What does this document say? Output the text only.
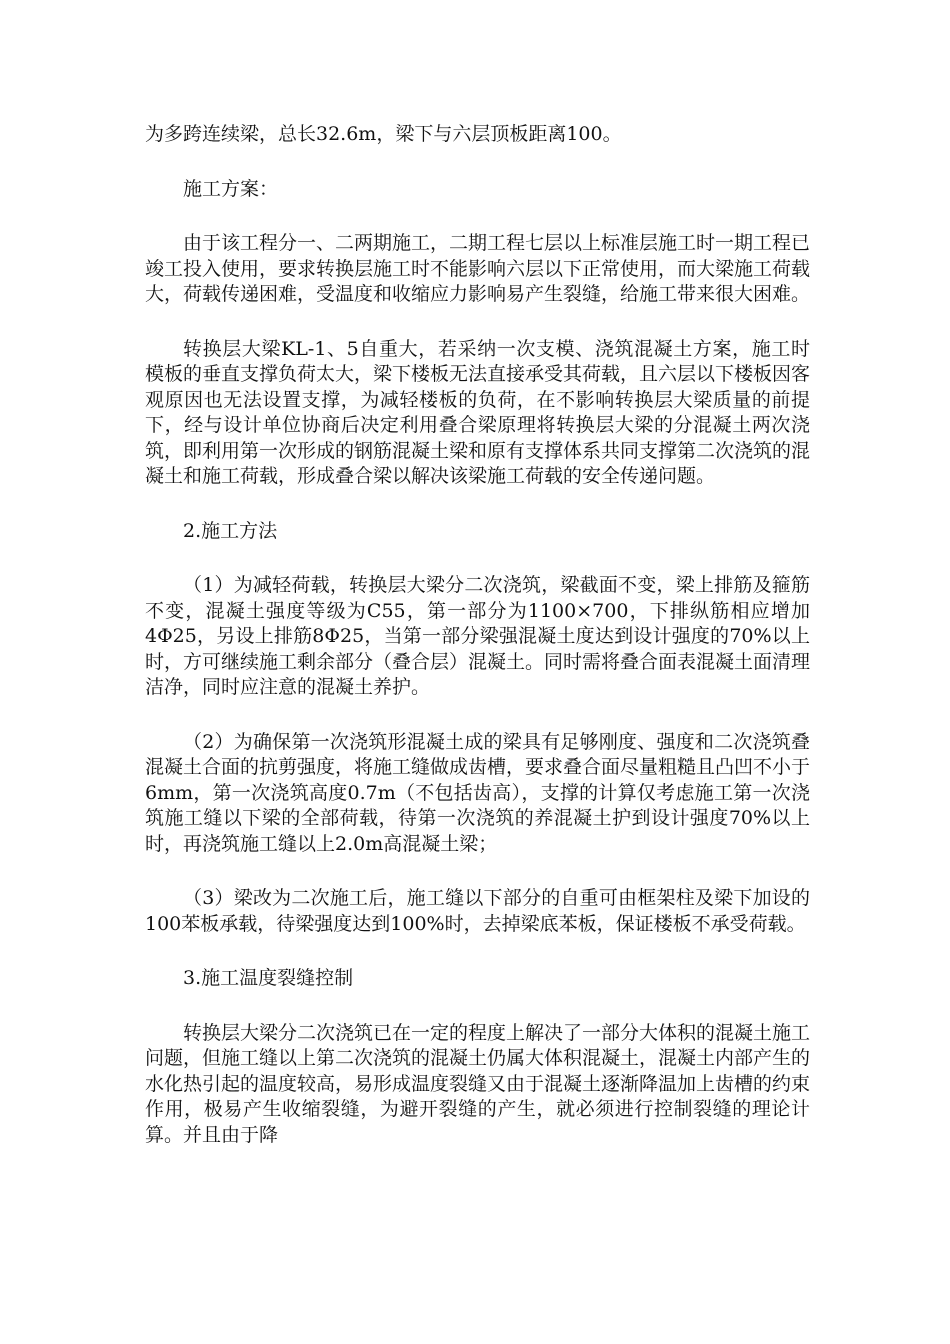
为多跨连续梁，总长32.6m，梁下与六层顶板距离100。

施工方案：

由于该工程分一、二两期施工，二期工程七层以上标准层施工时一期工程已竣工投入使用，要求转换层施工时不能影响六层以下正常使用，而大梁施工荷载大，荷载传递困难，受温度和收缩应力影响易产生裂缝，给施工带来很大困难。

转换层大梁KL-1、5自重大，若采纳一次支模、浇筑混凝土方案，施工时模板的垂直支撑负荷太大，梁下楼板无法直接承受其荷载，且六层以下楼板因客观原因也无法设置支撑，为减轻楼板的负荷，在不影响转换层大梁质量的前提下，经与设计单位协商后决定利用叠合梁原理将转换层大梁的分混凝土两次浇筑，即利用第一次形成的钢筋混凝土梁和原有支撑体系共同支撑第二次浇筑的混凝土和施工荷载，形成叠合梁以解决该梁施工荷载的安全传递问题。

2.施工方法

（1）为减轻荷载，转换层大梁分二次浇筑，梁截面不变，梁上排筋及箍筋不变，混凝土强度等级为C55，第一部分为1100×700，下排纵筋相应增加4Φ25，另设上排筋8Φ25，当第一部分梁强混凝土度达到设计强度的70%以上时，方可继续施工剩余部分（叠合层）混凝土。同时需将叠合面表混凝土面清理洁净，同时应注意的混凝土养护。

（2）为确保第一次浇筑形混凝土成的梁具有足够刚度、强度和二次浇筑叠混凝土合面的抗剪强度，将施工缝做成齿槽，要求叠合面尽量粗糙且凸凹不小于6mm，第一次浇筑高度0.7m（不包括齿高），支撑的计算仅考虑施工第一次浇筑施工缝以下梁的全部荷载，待第一次浇筑的养混凝土护到设计强度70%以上时，再浇筑施工缝以上2.0m高混凝土梁；

（3）梁改为二次施工后，施工缝以下部分的自重可由框架柱及梁下加设的100苯板承载，待梁强度达到100%时，去掉梁底苯板，保证楼板不承受荷载。

3.施工温度裂缝控制

转换层大梁分二次浇筑已在一定的程度上解决了一部分大体积的混凝土施工问题，但施工缝以上第二次浇筑的混凝土仍属大体积混凝土，混凝土内部产生的水化热引起的温度较高，易形成温度裂缝又由于混凝土逐渐降温加上齿槽的约束作用，极易产生收缩裂缝，为避开裂缝的产生，就必须进行控制裂缝的理论计算。并且由于降
